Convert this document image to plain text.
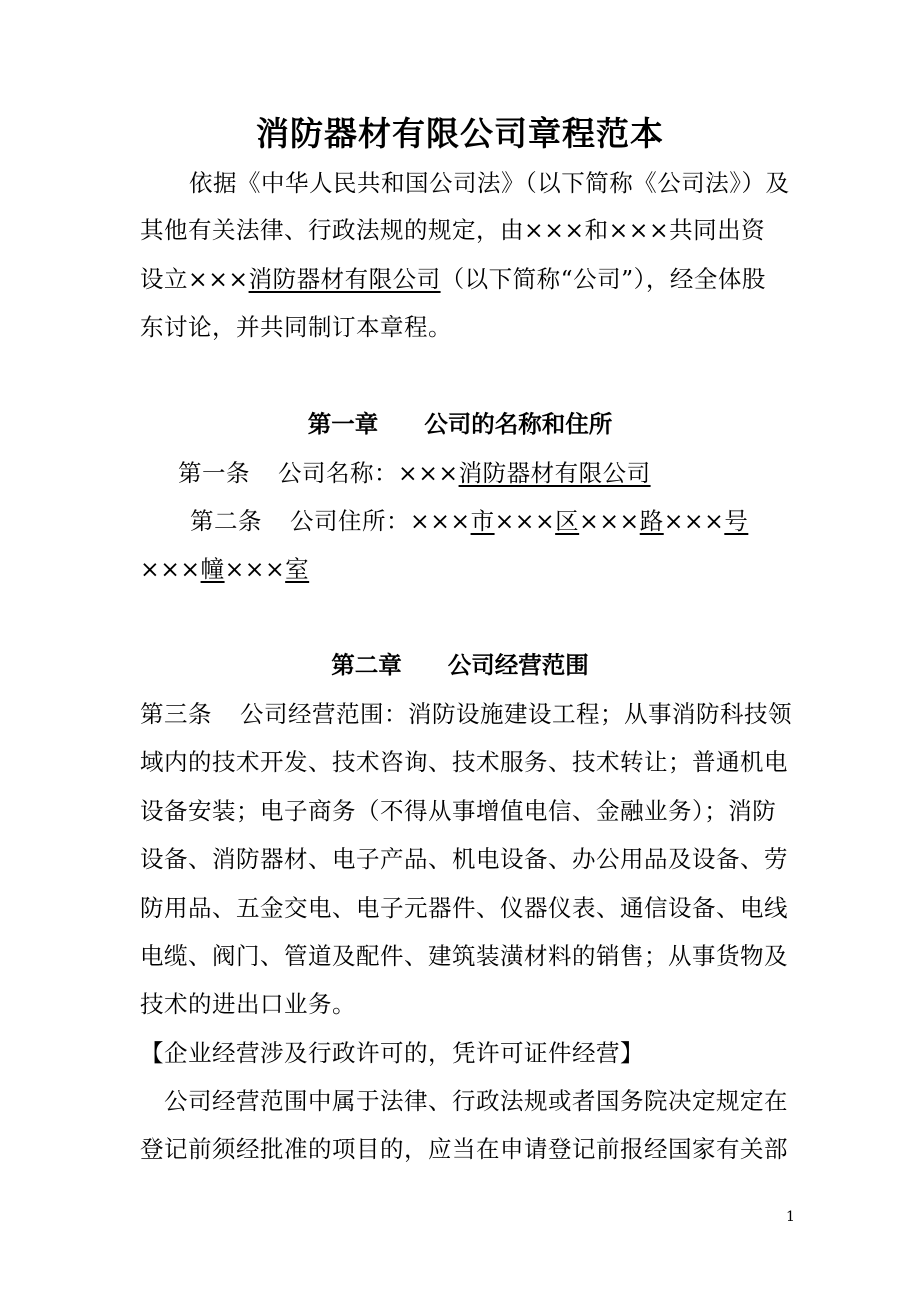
消防器材有限公司章程范本
依据《中华人民共和国公司法》（以下简称《公司法》）及
其他有关法律、行政法规的规定，由×××和×××共同出资
设立×××消防器材有限公司（以下简称“公司”），经全体股
东讨论，并共同制订本章程。
第一章 公司的名称和住所
第一条 公司名称：×××消防器材有限公司
第二条 公司住所：×××市×××区×××路×××号
×××幢×××室
第二章 公司经营范围
第三条 公司经营范围：消防设施建设工程；从事消防科技领
域内的技术开发、技术咨询、技术服务、技术转让；普通机电
设备安装；电子商务（不得从事增值电信、金融业务）；消防
设备、消防器材、电子产品、机电设备、办公用品及设备、劳
防用品、五金交电、电子元器件、仪器仪表、通信设备、电线
电缆、阀门、管道及配件、建筑装潢材料的销售；从事货物及
技术的进出口业务。
【企业经营涉及行政许可的，凭许可证件经营】
公司经营范围中属于法律、行政法规或者国务院决定规定在
登记前须经批准的项目的，应当在申请登记前报经国家有关部
1
